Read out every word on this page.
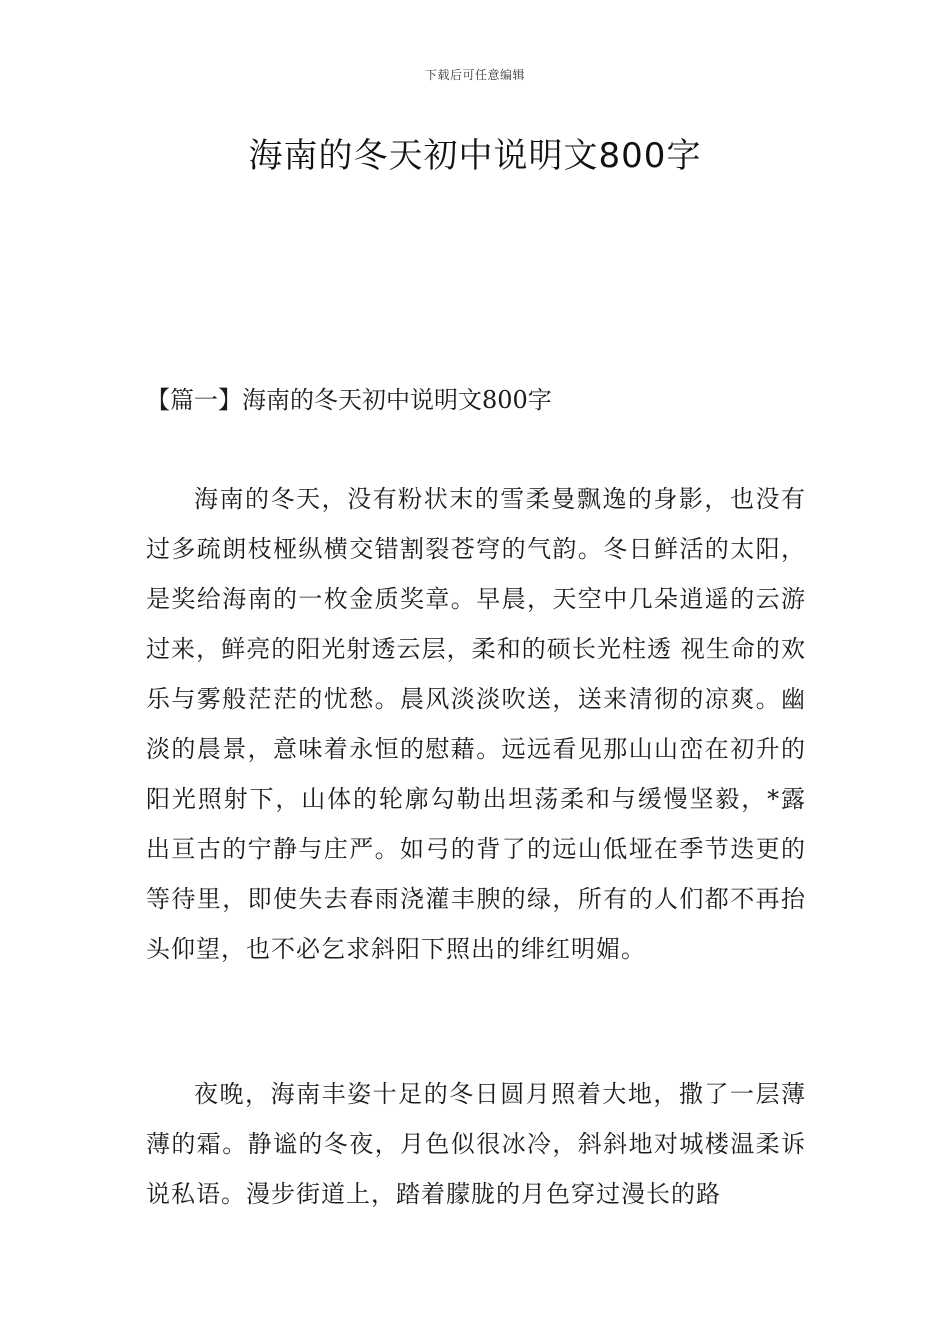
下载后可任意编辑
海南的冬天初中说明文800字
【篇一】海南的冬天初中说明文800字

海南的冬天，没有粉状末的雪柔曼飘逸的身影，也没有过多疏朗枝桠纵横交错割裂苍穹的气韵。冬日鲜活的太阳，是奖给海南的一枚金质奖章。早晨，天空中几朵逍遥的云游过来，鲜亮的阳光射透云层，柔和的硕长光柱透 视生命的欢乐与雾般茫茫的忧愁。晨风淡淡吹送，送来清彻的凉爽。幽淡的晨景，意味着永恒的慰藉。远远看见那山山峦在初升的阳光照射下，山体的轮廓勾勒出坦荡柔和与缓慢坚毅，*露出亘古的宁静与庄严。如弓的背了的远山低垭在季节迭更的等待里，即使失去春雨浇灌丰腴的绿，所有的人们都不再抬头仰望，也不必乞求斜阳下照出的绯红明媚。

夜晚，海南丰姿十足的冬日圆月照着大地，撒了一层薄薄的霜。静谧的冬夜，月色似很冰冷，斜斜地对城楼温柔诉说私语。漫步街道上，踏着朦胧的月色穿过漫长的路
